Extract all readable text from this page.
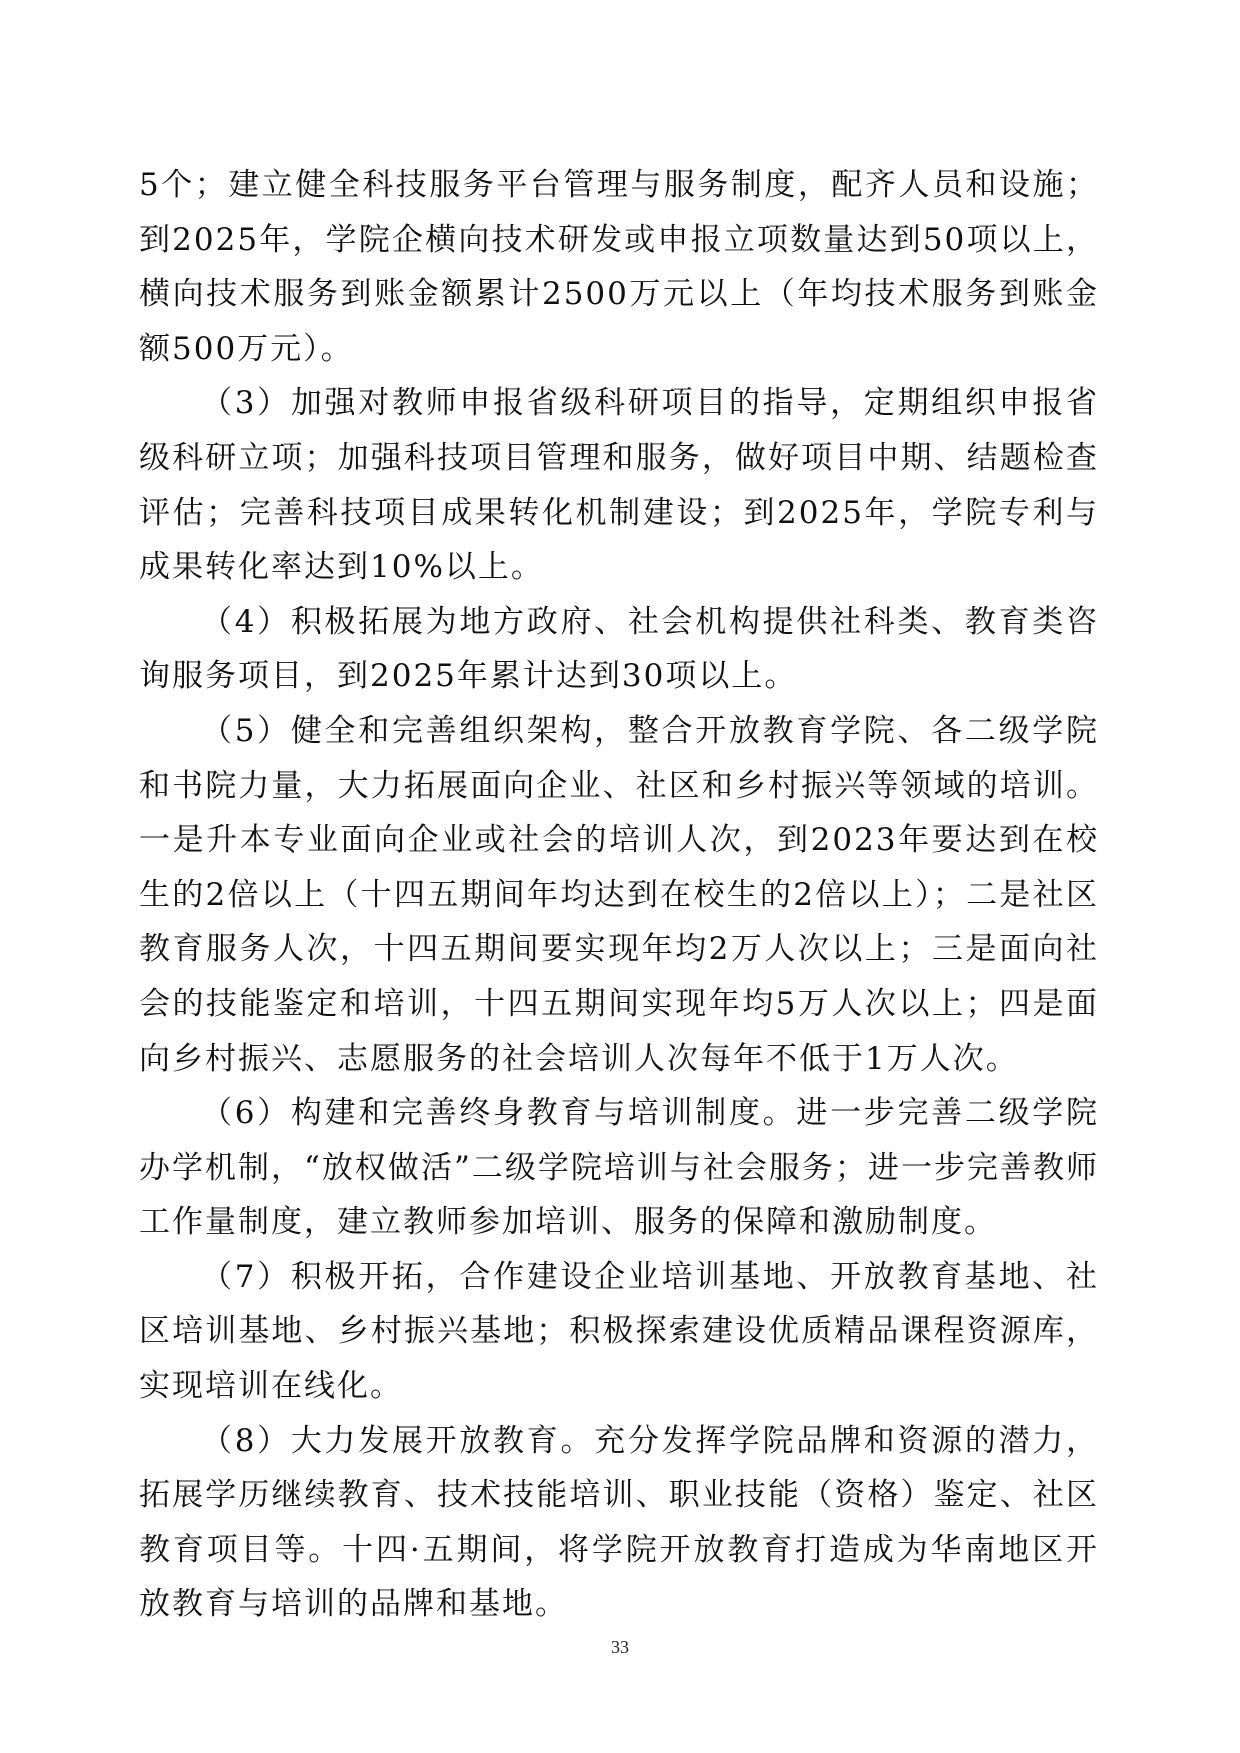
5个；建立健全科技服务平台管理与服务制度，配齐人员和设施；到2025年，学院企横向技术研发或申报立项数量达到50项以上，横向技术服务到账金额累计2500万元以上（年均技术服务到账金额500万元）。

（3）加强对教师申报省级科研项目的指导，定期组织申报省级科研立项；加强科技项目管理和服务，做好项目中期、结题检查评估；完善科技项目成果转化机制建设；到2025年，学院专利与成果转化率达到10%以上。

（4）积极拓展为地方政府、社会机构提供社科类、教育类咨询服务项目，到2025年累计达到30项以上。

（5）健全和完善组织架构，整合开放教育学院、各二级学院和书院力量，大力拓展面向企业、社区和乡村振兴等领域的培训。一是升本专业面向企业或社会的培训人次，到2023年要达到在校生的2倍以上（十四五期间年均达到在校生的2倍以上）；二是社区教育服务人次，十四五期间要实现年均2万人次以上；三是面向社会的技能鉴定和培训，十四五期间实现年均5万人次以上；四是面向乡村振兴、志愿服务的社会培训人次每年不低于1万人次。

（6）构建和完善终身教育与培训制度。进一步完善二级学院办学机制，“放权做活”二级学院培训与社会服务；进一步完善教师工作量制度，建立教师参加培训、服务的保障和激励制度。

（7）积极开拓，合作建设企业培训基地、开放教育基地、社区培训基地、乡村振兴基地；积极探索建设优质精品课程资源库，实现培训在线化。

（8）大力发展开放教育。充分发挥学院品牌和资源的潜力，拓展学历继续教育、技术技能培训、职业技能（资格）鉴定、社区教育项目等。十四·五期间，将学院开放教育打造成为华南地区开放教育与培训的品牌和基地。

33
